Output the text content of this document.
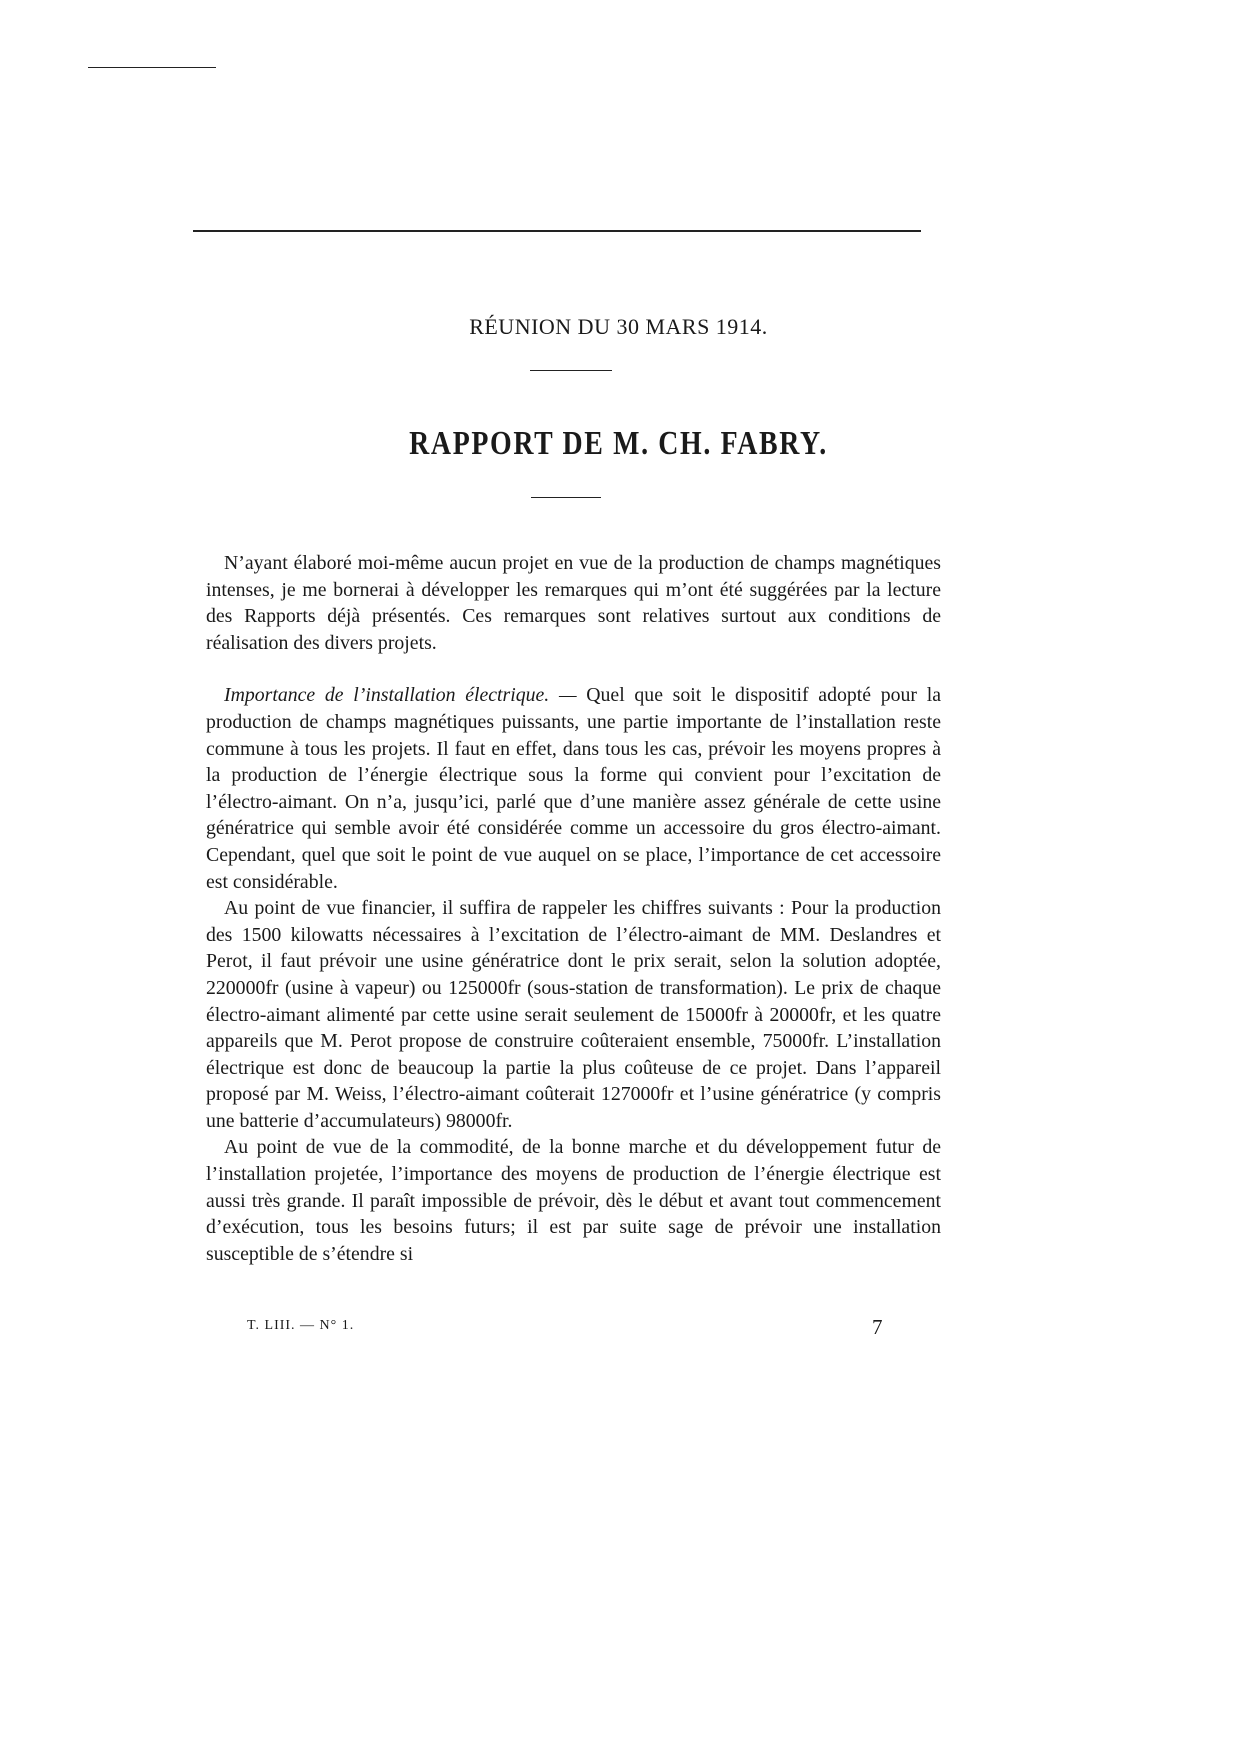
RÉUNION DU 30 MARS 1914.
RAPPORT DE M. CH. FABRY.

N’ayant élaboré moi-même aucun projet en vue de la production de champs magnétiques intenses, je me bornerai à développer les remarques qui m’ont été suggérées par la lecture des Rapports déjà présentés. Ces remarques sont relatives surtout aux conditions de réalisation des divers projets.

Importance de l’installation électrique. — Quel que soit le dispositif adopté pour la production de champs magnétiques puissants, une partie importante de l’installation reste commune à tous les projets. Il faut en effet, dans tous les cas, prévoir les moyens propres à la production de l’énergie électrique sous la forme qui convient pour l’excitation de l’électro-aimant. On n’a, jusqu’ici, parlé que d’une manière assez générale de cette usine génératrice qui semble avoir été considérée comme un accessoire du gros électro-aimant. Cependant, quel que soit le point de vue auquel on se place, l’importance de cet accessoire est considérable.

Au point de vue financier, il suffira de rappeler les chiffres suivants : Pour la production des 1500 kilowatts nécessaires à l’excitation de l’électro-aimant de MM. Deslandres et Perot, il faut prévoir une usine génératrice dont le prix serait, selon la solution adoptée, 220000fr (usine à vapeur) ou 125000fr (sous-station de transformation). Le prix de chaque électro-aimant alimenté par cette usine serait seulement de 15000fr à 20000fr, et les quatre appareils que M. Perot propose de construire coûteraient ensemble, 75000fr. L’installation électrique est donc de beaucoup la partie la plus coûteuse de ce projet. Dans l’appareil proposé par M. Weiss, l’électro-aimant coûterait 127000fr et l’usine génératrice (y compris une batterie d’accumulateurs) 98000fr.

Au point de vue de la commodité, de la bonne marche et du développement futur de l’installation projetée, l’importance des moyens de production de l’énergie électrique est aussi très grande. Il paraît impossible de prévoir, dès le début et avant tout commencement d’exécution, tous les besoins futurs; il est par suite sage de prévoir une installation susceptible de s’étendre si

T. LIII. — N° 1.	7
